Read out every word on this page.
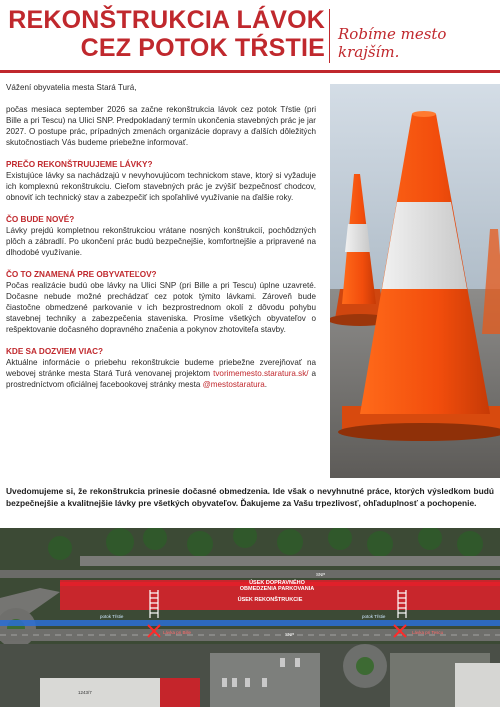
REKONŠTRUKCIA LÁVOK
CEZ POTOK TŔSTIE Robíme mesto krajším.

Vážení obyvatelia mesta Stará Turá,

počas mesiaca september 2026 sa začne rekonštrukcia lávok cez potok Tŕstie (pri Bille a pri Tescu) na Ulici SNP. Predpokladaný termín ukončenia stavebných prác je jar 2027. O postupe prác, prípadných zmenách organizácie dopravy a ďalších dôležitých skutočnostiach Vás budeme priebežne informovať.

PREČO REKONŠTRUUJEME LÁVKY?

Existujúce lávky sa nachádzajú v nevyhovujúcom technickom stave, ktorý si vyžaduje ich komplexnú rekonštrukciu. Cieľom stavebných prác je zvýšiť bezpečnosť chodcov, obnoviť ich technický stav a zabezpečiť ich spoľahlivé využívanie na ďalšie roky.

ČO BUDE NOVÉ?

Lávky prejdú kompletnou rekonštrukciou vrátane nosných konštrukcií, pochôdzných plôch a zábradlí. Po ukončení prác budú bezpečnejšie, komfortnejšie a pripravené na dlhodobé využívanie.

ČO TO ZNAMENÁ PRE OBYVATEĽOV?

Počas realizácie budú obe lávky na Ulici SNP (pri Bille a pri Tescu) úplne uzavreté. Dočasne nebude možné prechádzať cez potok týmito lávkami. Zároveň bude čiastočne obmedzené parkovanie v ich bezprostrednom okolí z dôvodu pohybu stavebnej techniky a zabezpečenia staveniska. Prosíme všetkých obyvateľov o rešpektovanie dočasného dopravného značenia a pokynov zhotoviteľa stavby.

KDE SA DOZVIEM VIAC?

Aktuálne informácie o priebehu rekonštrukcie budeme priebežne zverejňovať na webovej stránke mesta Stará Turá venovanej projektom tvorimemesto.staratura.sk/ a prostredníctvom oficiálnej facebookovej stránky mesta @mestostaratura.

Uvedomujeme si, že rekonštrukcia prinesie dočasné obmedzenia. Ide však o nevyhnutné práce, ktorých výsledkom budú bezpečnejšie a kvalitnejšie lávky pre všetkých obyvateľov. Ďakujeme za Vašu trpezlivosť, ohľaduplnosť a pochopenie.
ÚSEK DOPRAVNÉHO OBMEDZENIA PARKOVANIA
ÚSEK REKONŠTRUKCIE
SNP
SNP
potok Tŕstie	potok Tŕstie
Lávka pri Bille	Lávka pri Tescu
1243/7
